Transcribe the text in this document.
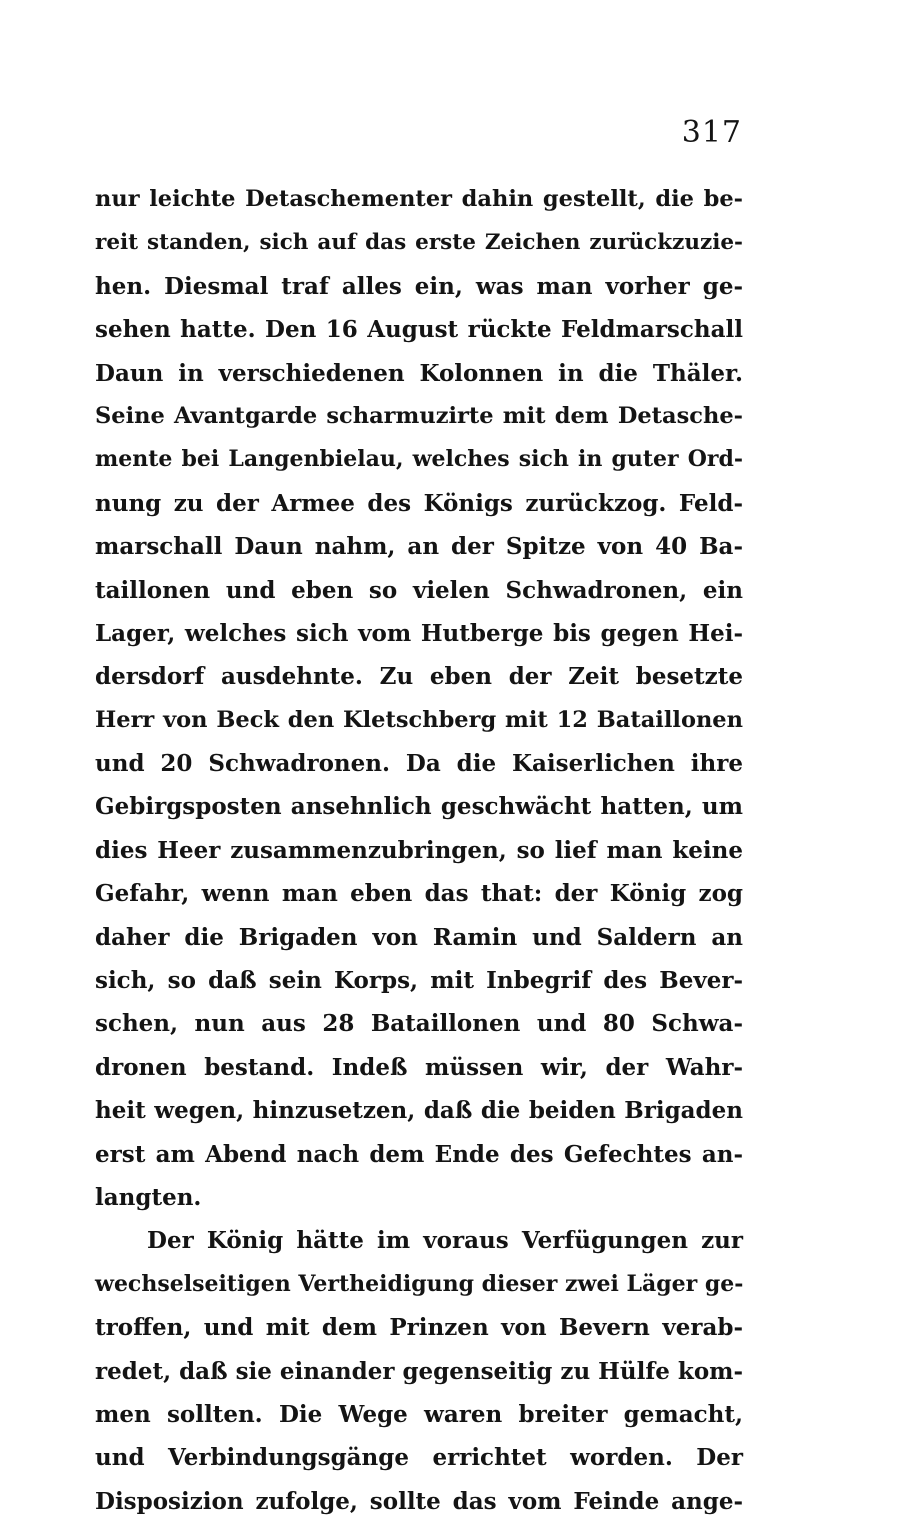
317
nur leichte Detaschementer dahin gestellt, die be-
reit standen, sich auf das erste Zeichen zurückzuzie-
hen. Diesmal traf alles ein, was man vorher ge-
sehen hatte. Den 16 August rückte Feldmarschall
Daun in verschiedenen Kolonnen in die Thäler.
Seine Avantgarde scharmuzirte mit dem Detasche-
mente bei Langenbielau, welches sich in guter Ord-
nung zu der Armee des Königs zurückzog. Feld-
marschall Daun nahm, an der Spitze von 40 Ba-
taillonen und eben so vielen Schwadronen, ein
Lager, welches sich vom Hutberge bis gegen Hei-
dersdorf ausdehnte. Zu eben der Zeit besetzte
Herr von Beck den Kletschberg mit 12 Bataillonen
und 20 Schwadronen. Da die Kaiserlichen ihre
Gebirgsposten ansehnlich geschwächt hatten, um
dies Heer zusammenzubringen, so lief man keine
Gefahr, wenn man eben das that: der König zog
daher die Brigaden von Ramin und Saldern an
sich, so daß sein Korps, mit Inbegrif des Bever-
schen, nun aus 28 Bataillonen und 80 Schwa-
dronen bestand. Indeß müssen wir, der Wahr-
heit wegen, hinzusetzen, daß die beiden Brigaden
erst am Abend nach dem Ende des Gefechtes an-
langten.
Der König hätte im voraus Verfügungen zur
wechselseitigen Vertheidigung dieser zwei Läger ge-
troffen, und mit dem Prinzen von Bevern verab-
redet, daß sie einander gegenseitig zu Hülfe kom-
men sollten. Die Wege waren breiter gemacht,
und Verbindungsgänge errichtet worden. Der
Disposizion zufolge, sollte das vom Feinde ange-
